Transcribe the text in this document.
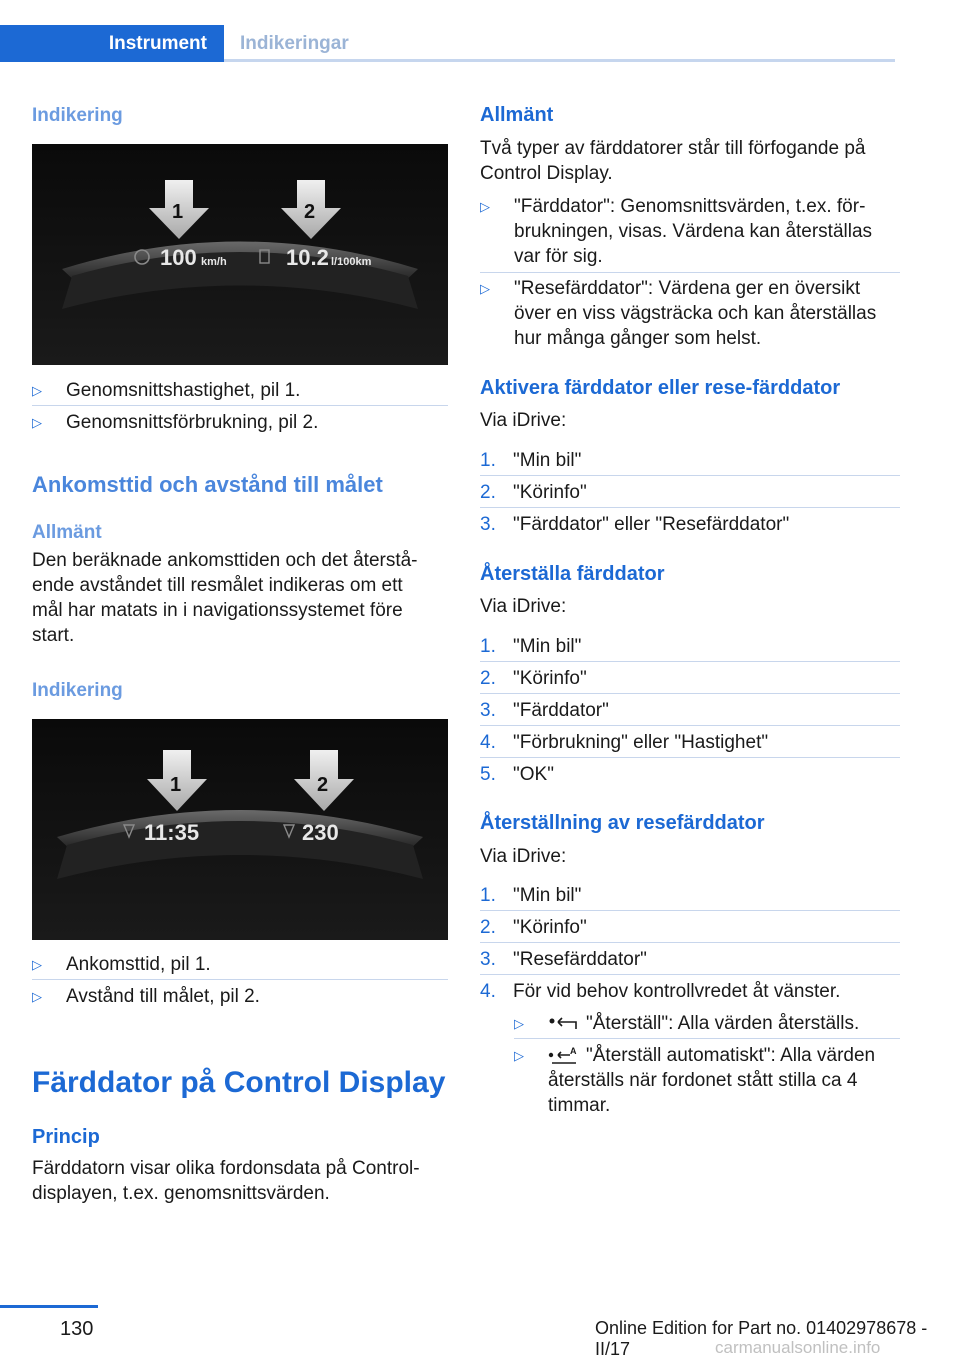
Instrument	Indikeringar
Indikering
1	2
100 km/h	10.2 l/100km
▷ Genomsnittshastighet, pil 1.
▷ Genomsnittsförbrukning, pil 2.
Ankomsttid och avstånd till målet
Allmänt
Den beräknade ankomsttiden och det återstå-
ende avståndet till resmålet indikeras om ett
mål har matats in i navigationssystemet före
start.
Indikering
1	2
11:35	230
▷ Ankomsttid, pil 1.
▷ Avstånd till målet, pil 2.
Färddator på Control Display
Princip
Färddatorn visar olika fordonsdata på Control-
displayen, t.ex. genomsnittsvärden.
Allmänt
Två typer av färddatorer står till förfogande på
Control Display.
▷ "Färddator": Genomsnittsvärden, t.ex. för-
brukningen, visas. Värdena kan återställas
var för sig.
▷ "Resefärddator": Värdena ger en översikt
över en viss vägsträcka och kan återställas
hur många gånger som helst.
Aktivera färddator eller rese-färddator
Via iDrive:
1. "Min bil"
2. "Körinfo"
3. "Färddator" eller "Resefärddator"
Återställa färddator
Via iDrive:
1. "Min bil"
2. "Körinfo"
3. "Färddator"
4. "Förbrukning" eller "Hastighet"
5. "OK"
Återställning av resefärddator
Via iDrive:
1. "Min bil"
2. "Körinfo"
3. "Resefärddator"
4. För vid behov kontrollvredet åt vänster.
▷	"Återställ": Alla värden återställs.
▷	A "Återställ automatiskt": Alla värden
återställs när fordonet stått stilla ca 4
timmar.
130	Online Edition for Part no. 01402978678 - II/17	carmanualsonline.info
